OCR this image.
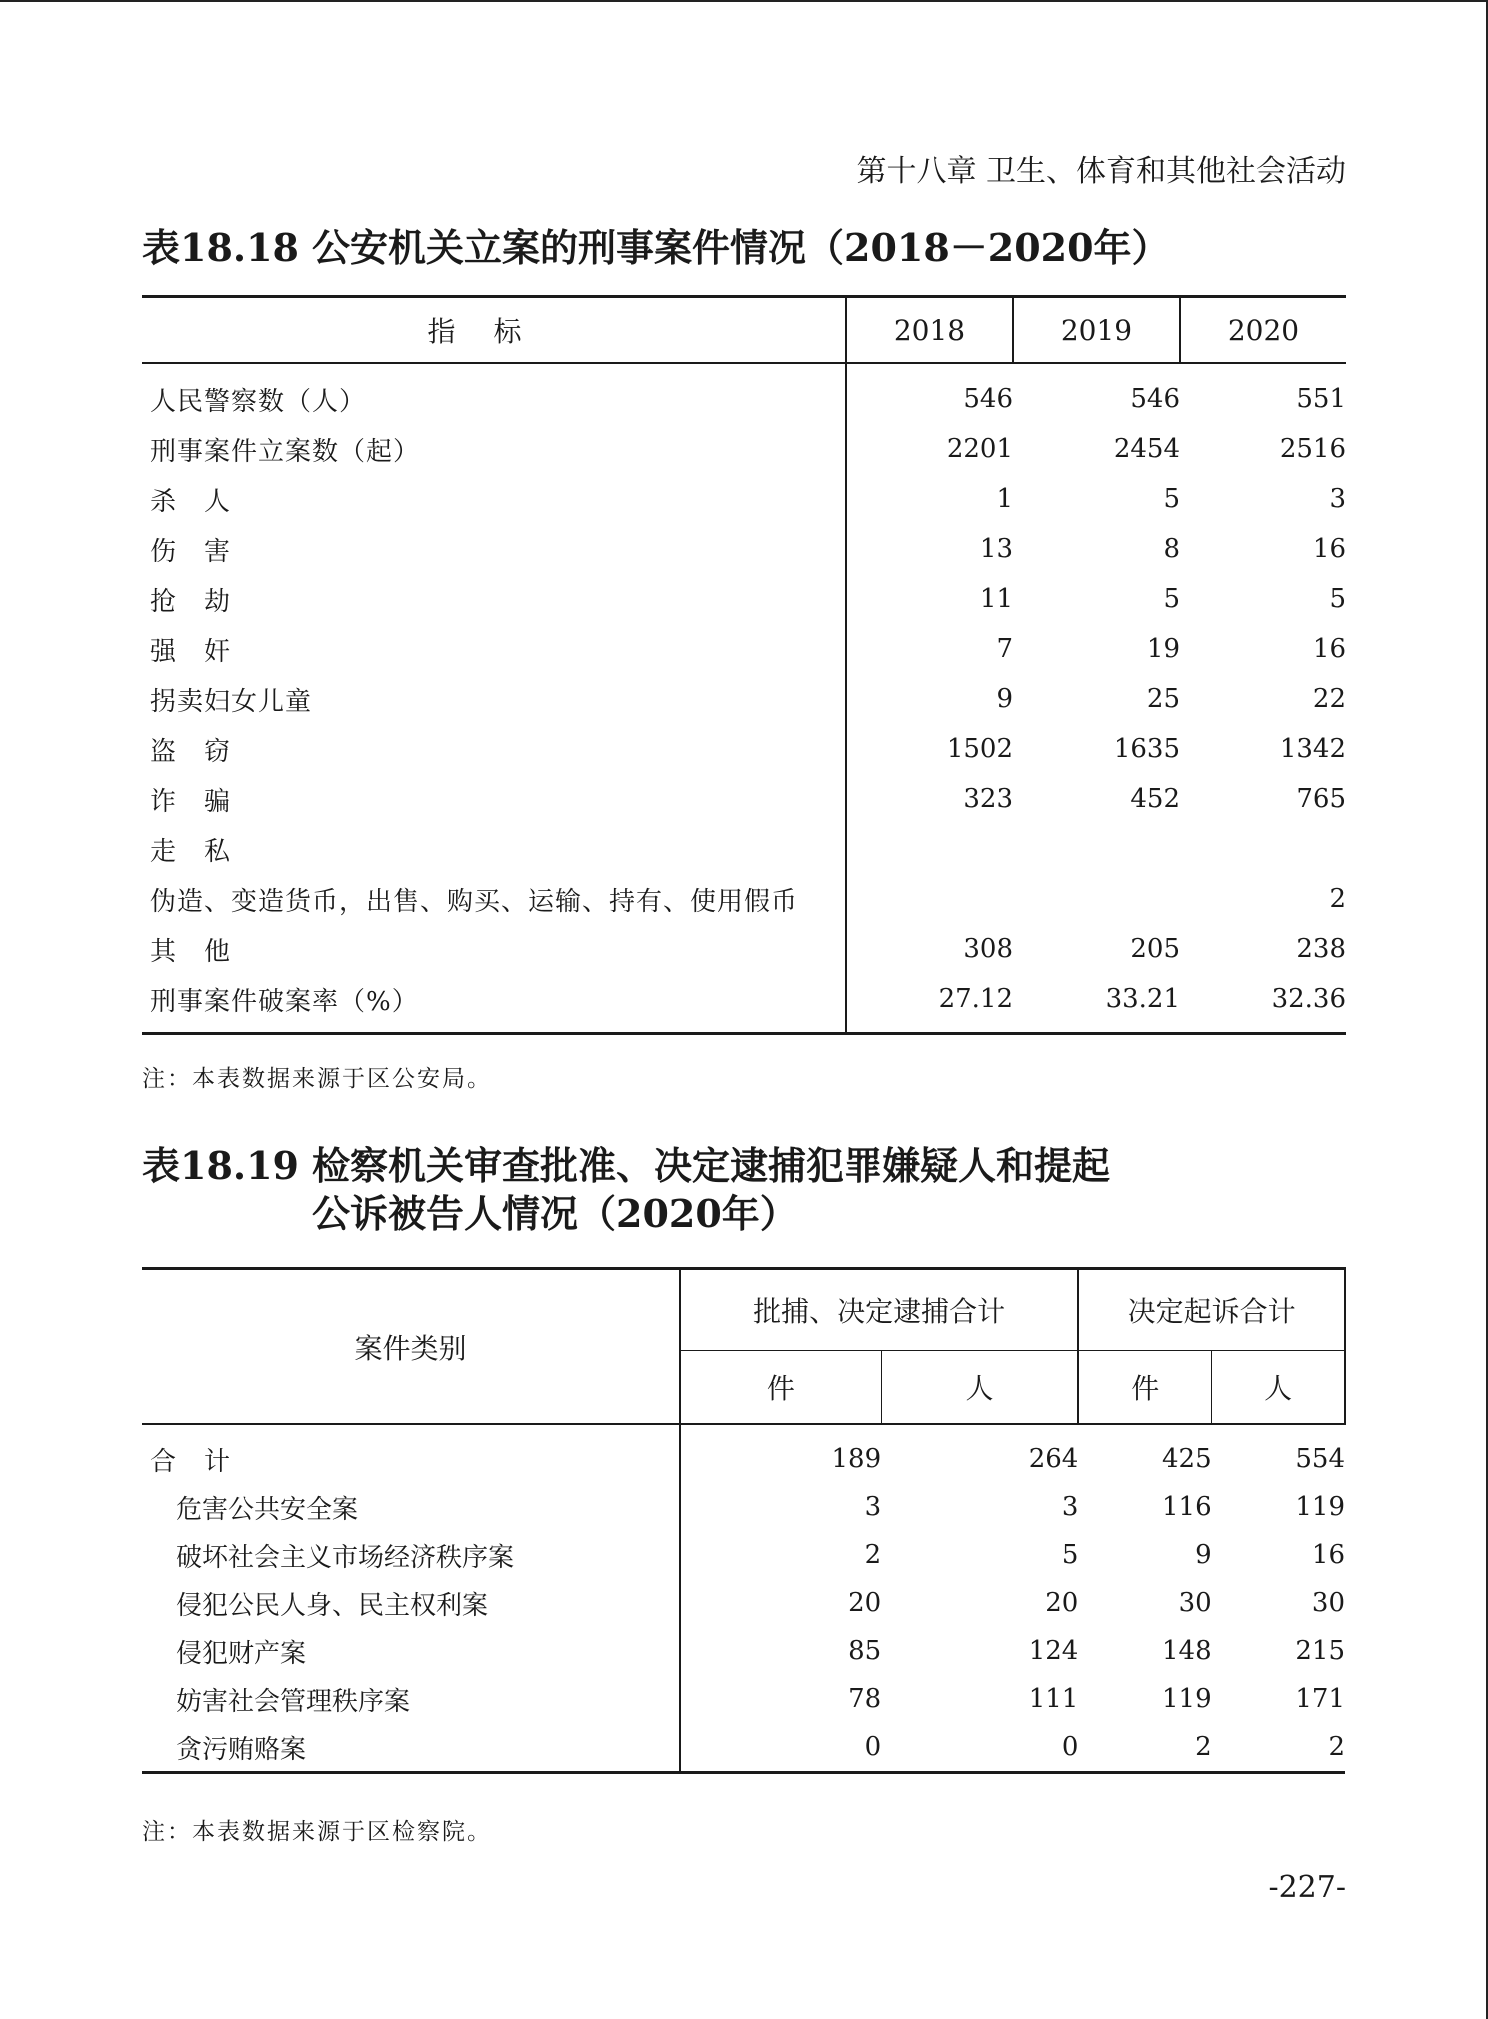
第十八章 卫生、体育和其他社会活动
表18.18 公安机关立案的刑事案件情况（2018－2020年）
指标	2018	2019	2020
人民警察数（人）	546	546	551
刑事案件立案数（起）	2201	2454	2516
杀　人	1	5	3
伤　害	13	8	16
抢　劫	11	5	5
强　奸	7	19	16
拐卖妇女儿童	9	25	22
盗　窃	1502	1635	1342
诈　骗	323	452	765
走　私			
伪造、变造货币，出售、购买、运输、持有、使用假币			2
其　他	308	205	238
刑事案件破案率（%）	27.12	33.21	32.36
注：本表数据来源于区公安局。
表18.19 检察机关审查批准、决定逮捕犯罪嫌疑人和提起
公诉被告人情况（2020年）
案件类别	批捕、决定逮捕合计		决定起诉合计	
	件	人	件	人
合　计	189	264	425	554
危害公共安全案	3	3	116	119
破坏社会主义市场经济秩序案	2	5	9	16
侵犯公民人身、民主权利案	20	20	30	30
侵犯财产案	85	124	148	215
妨害社会管理秩序案	78	111	119	171
贪污贿赂案	0	0	2	2
注：本表数据来源于区检察院。
-227-
